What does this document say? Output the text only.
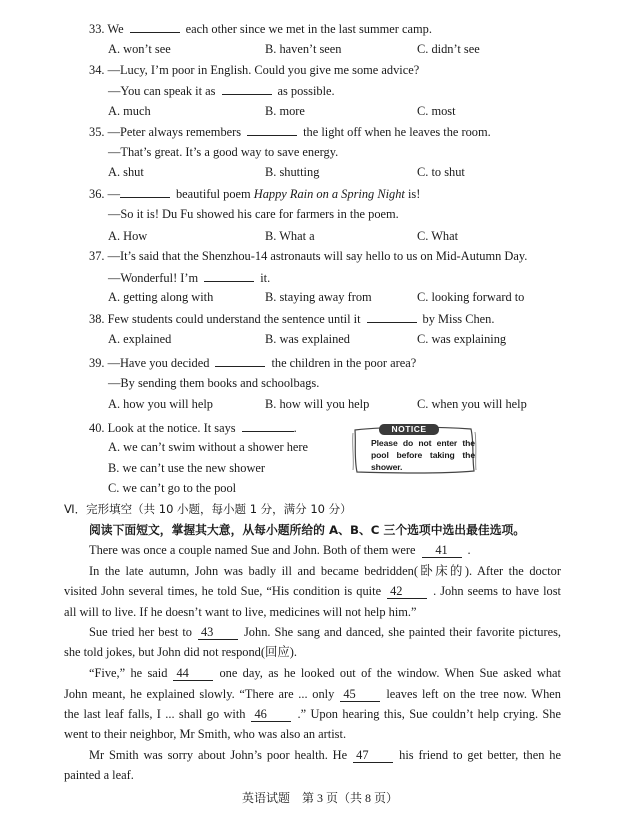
33. We	each other since we met in the last summer camp.
A. won’t see	B. haven’t seen	C. didn’t see
34. —Lucy, I’m poor in English. Could you give me some advice?
—You can speak it as	as possible.
A. much	B. more	C. most
35. —Peter always remembers	the light off when he leaves the room.
—That’s great. It’s a good way to save energy.
A. shut	B. shutting	C. to shut
36. —	beautiful poem Happy Rain on a Spring Night is!
—So it is! Du Fu showed his care for farmers in the poem.
A. How	B. What a	C. What
37. —It’s said that the Shenzhou-14 astronauts will say hello to us on Mid-Autumn Day.
—Wonderful! I’m	it.
A. getting along with	B. staying away from	C. looking forward to
38. Few students could understand the sentence until it	by Miss Chen.
A. explained	B. was explained	C. was explaining
39. —Have you decided	the children in the poor area?
—By sending them books and schoolbags.
A. how you will help	B. how will you help	C. when you will help
40. Look at the notice. It says	.
A. we can’t swim without a shower here
B. we can’t use the new shower
C. we can’t go to the pool
NOTICE
Please do not enter the pool before taking the shower.
Ⅵ．完形填空（共 10 小题，每小题 1 分，满分 10 分）
阅读下面短文，掌握其大意，从每小题所给的 A、B、C 三个选项中选出最佳选项。
There was once a couple named Sue and John. Both of them were 41 .
In the late autumn, John was badly ill and became bedridden(卧床的). After the doctor
visited John several times, he told Sue, “His condition is quite 42 . John seems to have lost
all will to live. If he doesn’t want to live, medicines will not help him.”
Sue tried her best to 43 John. She sang and danced, she painted their favorite pictures,
she told jokes, but John did not respond(回应).
“Five,” he said 44 one day, as he looked out of the window. When Sue asked what
John meant, he explained slowly. “There are ... only 45 leaves left on the tree now. When
the last leaf falls, I ... shall go with 46 .” Upon hearing this, Sue couldn’t help crying. She
went to their neighbor, Mr Smith, who was also an artist.
Mr Smith was sorry about John’s poor health. He 47 his friend to get better, then he
painted a leaf.
英语试题　第 3 页（共 8 页）
